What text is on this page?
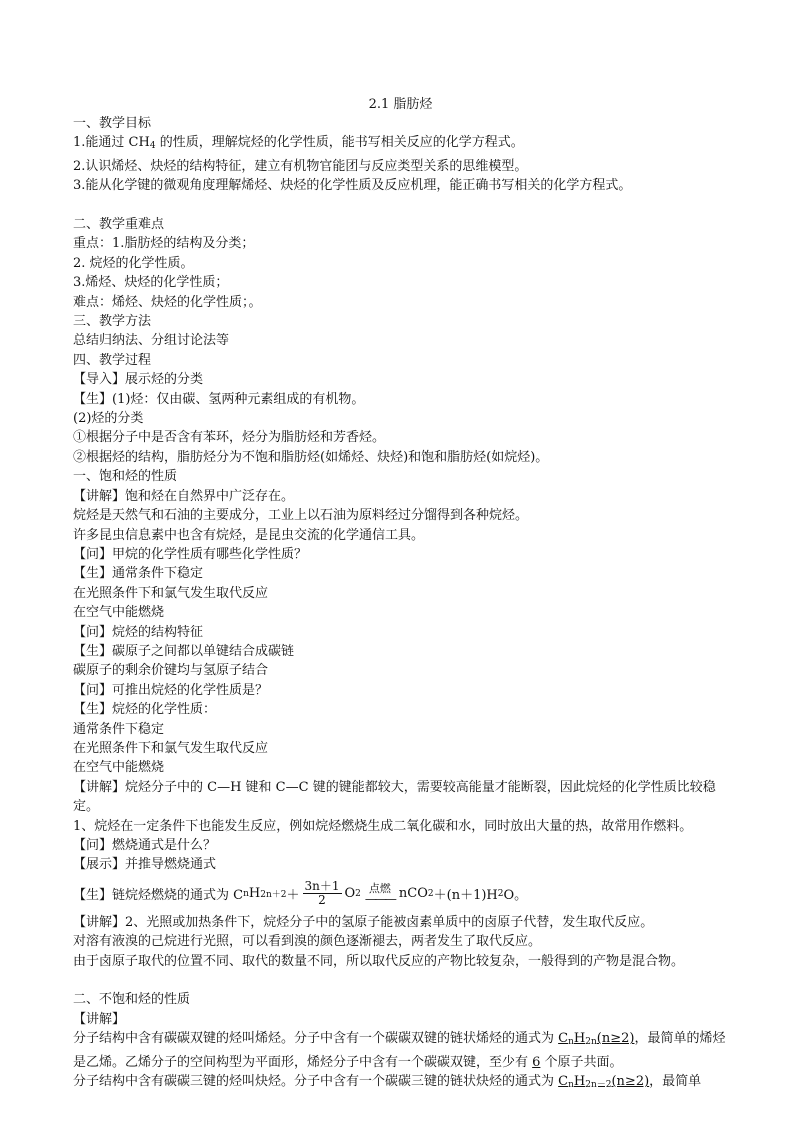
2.1 脂肪烃
一、教学目标
1.能通过 $CH_4$ 的性质，理解烷烃的化学性质，能书写相关反应的化学方程式。
2.认识烯烃、炔烃的结构特征，建立有机物官能团与反应类型关系的思维模型。
3.能从化学键的微观角度理解烯烃、炔烃的化学性质及反应机理，能正确书写相关的化学方程式。
二、教学重难点
重点：1.脂肪烃的结构及分类；
2. 烷烃的化学性质。
3.烯烃、炔烃的化学性质；
难点：烯烃、炔烃的化学性质；。
三、教学方法
总结归纳法、分组讨论法等
四、教学过程
【导入】展示烃的分类
【生】(1)烃：仅由碳、氢两种元素组成的有机物。
(2)烃的分类
①根据分子中是否含有苯环，烃分为脂肪烃和芳香烃。
②根据烃的结构，脂肪烃分为不饱和脂肪烃(如烯烃、炔烃)和饱和脂肪烃(如烷烃)。
一、饱和烃的性质
【讲解】饱和烃在自然界中广泛存在。
烷烃是天然气和石油的主要成分，工业上以石油为原料经过分馏得到各种烷烃。
许多昆虫信息素中也含有烷烃，是昆虫交流的化学通信工具。
【问】甲烷的化学性质有哪些化学性质？
【生】通常条件下稳定
在光照条件下和氯气发生取代反应
在空气中能燃烧
【问】烷烃的结构特征
【生】碳原子之间都以单键结合成碳链
碳原子的剩余价键均与氢原子结合
【问】可推出烷烃的化学性质是？
【生】烷烃的化学性质：
通常条件下稳定
在光照条件下和氯气发生取代反应
在空气中能燃烧
【讲解】烷烃分子中的 C—H 键和 C—C 键的键能都较大，需要较高能量才能断裂，因此烷烃的化学性质比较稳定。
1、烷烃在一定条件下也能发生反应，例如烷烃燃烧生成二氧化碳和水，同时放出大量的热，故常用作燃料。
【问】燃烧通式是什么？
【展示】并推导燃烧通式
【生】链烷烃燃烧的通式为 C n H $2n+2 + \frac{3n+1}{2}$ O 2 点燃
——— nCO 2 ＋(n＋1)H 2 O。
【讲解】2、光照或加热条件下，烷烃分子中的氢原子能被卤素单质中的卤原子代替，发生取代反应。
对溶有液溴的己烷进行光照，可以看到溴的颜色逐渐褪去，两者发生了取代反应。
由于卤原子取代的位置不同、取代的数量不同，所以取代反应的产物比较复杂，一般得到的产物是混合物。
二、不饱和烃的性质
【讲解】
分子结构中含有碳碳双键的烃叫烯烃。分子中含有一个碳碳双键的链状烯烃的通式为 $C_nH_{2n}(n\ge 2)$，最简单的烯烃是乙烯。乙烯分子的空间构型为平面形，烯烃分子中含有一个碳碳双键，至少有 6 个原子共面。
分子结构中含有碳碳三键的烃叫炔烃。分子中含有一个碳碳三键的链状炔烃的通式为 $C_nH_{2n-2}(n\ge 2)$，最简单
